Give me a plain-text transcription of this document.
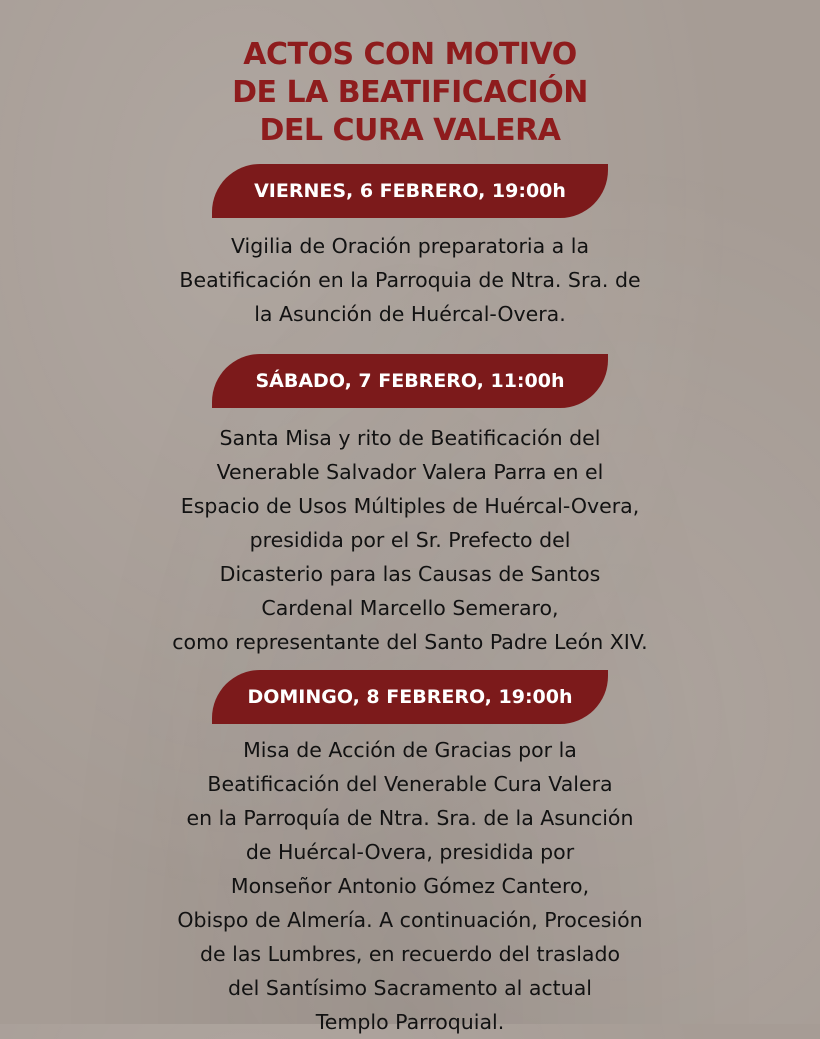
ACTOS CON MOTIVO
DE LA BEATIFICACIÓN
DEL CURA VALERA
VIERNES, 6 FEBRERO, 19:00h
Vigilia de Oración preparatoria a la
Beatificación en la Parroquia de Ntra. Sra. de
la Asunción de Huércal-Overa.
SÁBADO, 7 FEBRERO, 11:00h
Santa Misa y rito de Beatificación del
Venerable Salvador Valera Parra en el
Espacio de Usos Múltiples de Huércal-Overa,
presidida por el Sr. Prefecto del
Dicasterio para las Causas de Santos
Cardenal Marcello Semeraro,
como representante del Santo Padre León XIV.
DOMINGO, 8 FEBRERO, 19:00h
Misa de Acción de Gracias por la
Beatificación del Venerable Cura Valera
en la Parroquía de Ntra. Sra. de la Asunción
de Huércal-Overa, presidida por
Monseñor Antonio Gómez Cantero,
Obispo de Almería. A continuación, Procesión
de las Lumbres, en recuerdo del traslado
del Santísimo Sacramento al actual
Templo Parroquial.
